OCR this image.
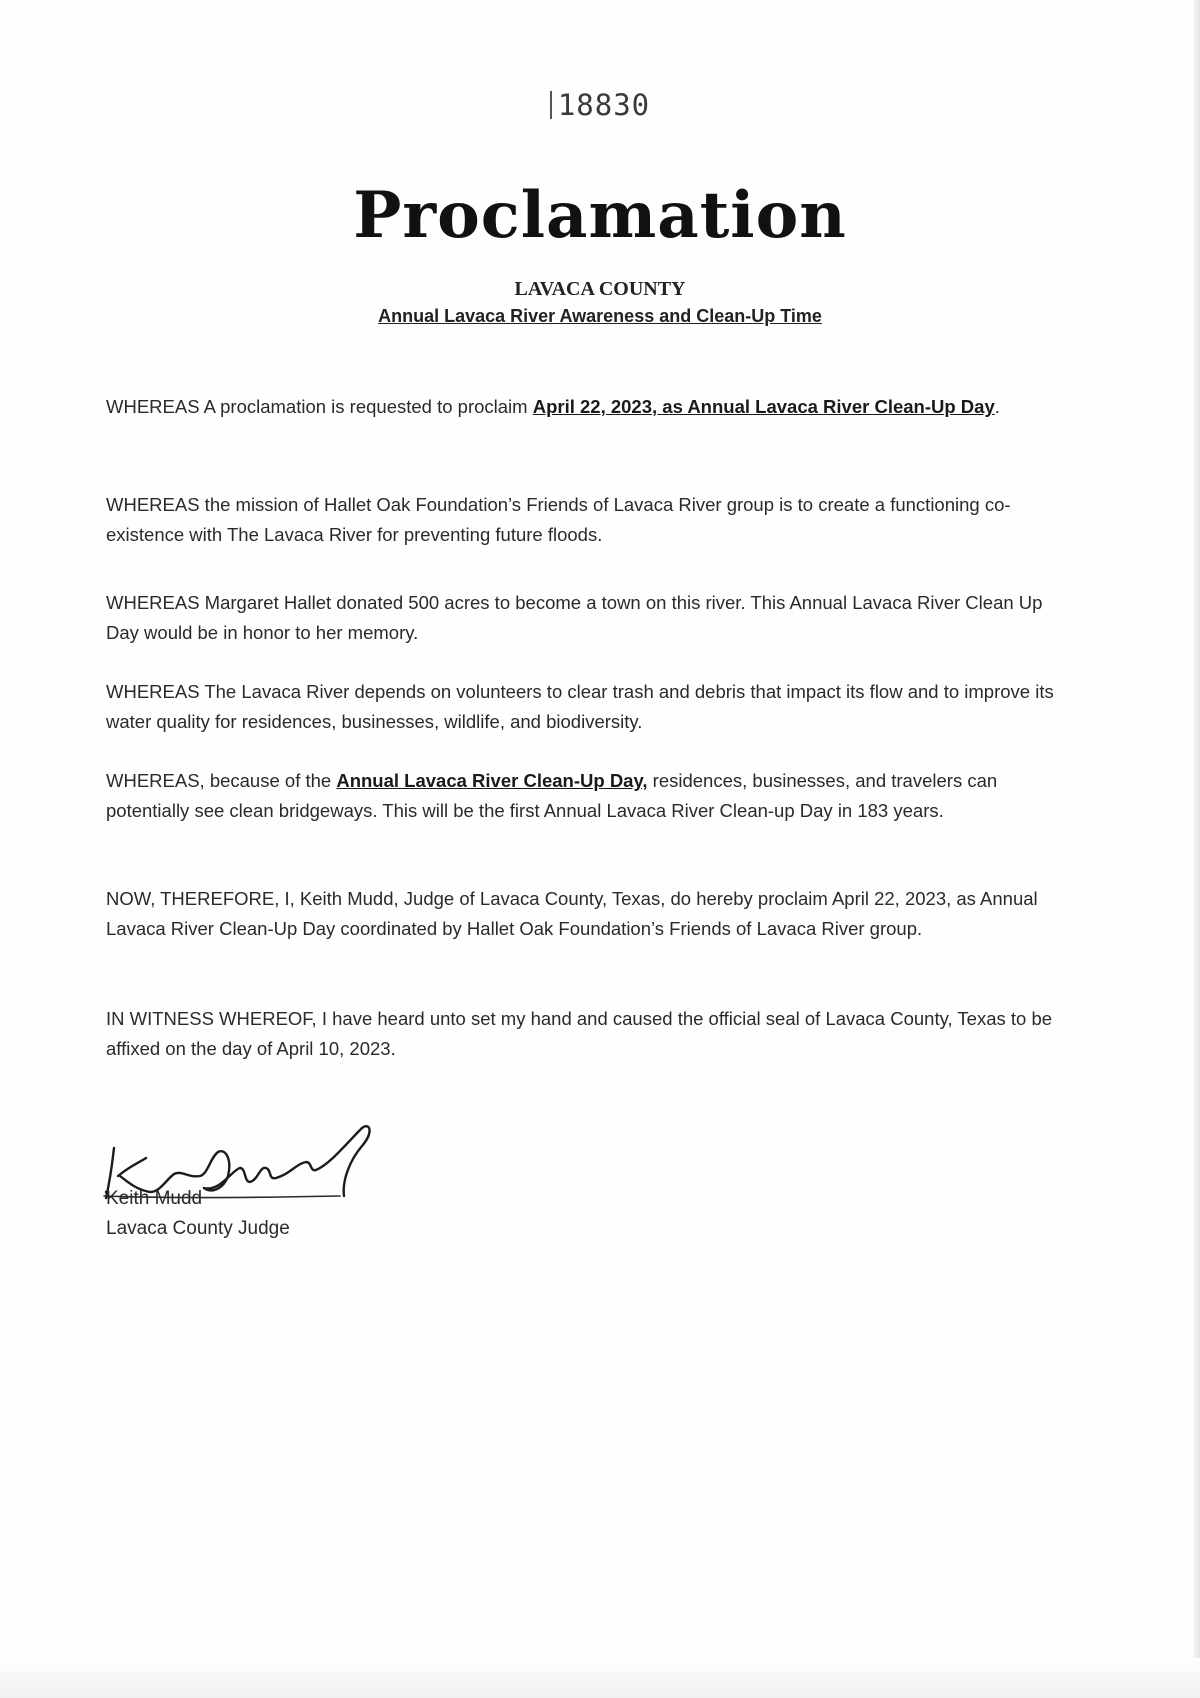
18830
Proclamation
LAVACA COUNTY
Annual Lavaca River Awareness and Clean-Up Time
WHEREAS A proclamation is requested to proclaim April 22, 2023, as Annual Lavaca River Clean-Up Day.
WHEREAS the mission of Hallet Oak Foundation’s Friends of Lavaca River group is to create a functioning co-existence with The Lavaca River for preventing future floods.
WHEREAS Margaret Hallet donated 500 acres to become a town on this river. This Annual Lavaca River Clean Up Day would be in honor to her memory.
WHEREAS The Lavaca River depends on volunteers to clear trash and debris that impact its flow and to improve its water quality for residences, businesses, wildlife, and biodiversity.
WHEREAS, because of the Annual Lavaca River Clean-Up Day, residences, businesses, and travelers can potentially see clean bridgeways. This will be the first Annual Lavaca River Clean-up Day in 183 years.
NOW, THEREFORE, I, Keith Mudd, Judge of Lavaca County, Texas, do hereby proclaim April 22, 2023, as Annual Lavaca River Clean-Up Day coordinated by Hallet Oak Foundation’s Friends of Lavaca River group.
IN WITNESS WHEREOF, I have heard unto set my hand and caused the official seal of Lavaca County, Texas to be affixed on the day of April 10, 2023.
Keith Mudd
Lavaca County Judge
